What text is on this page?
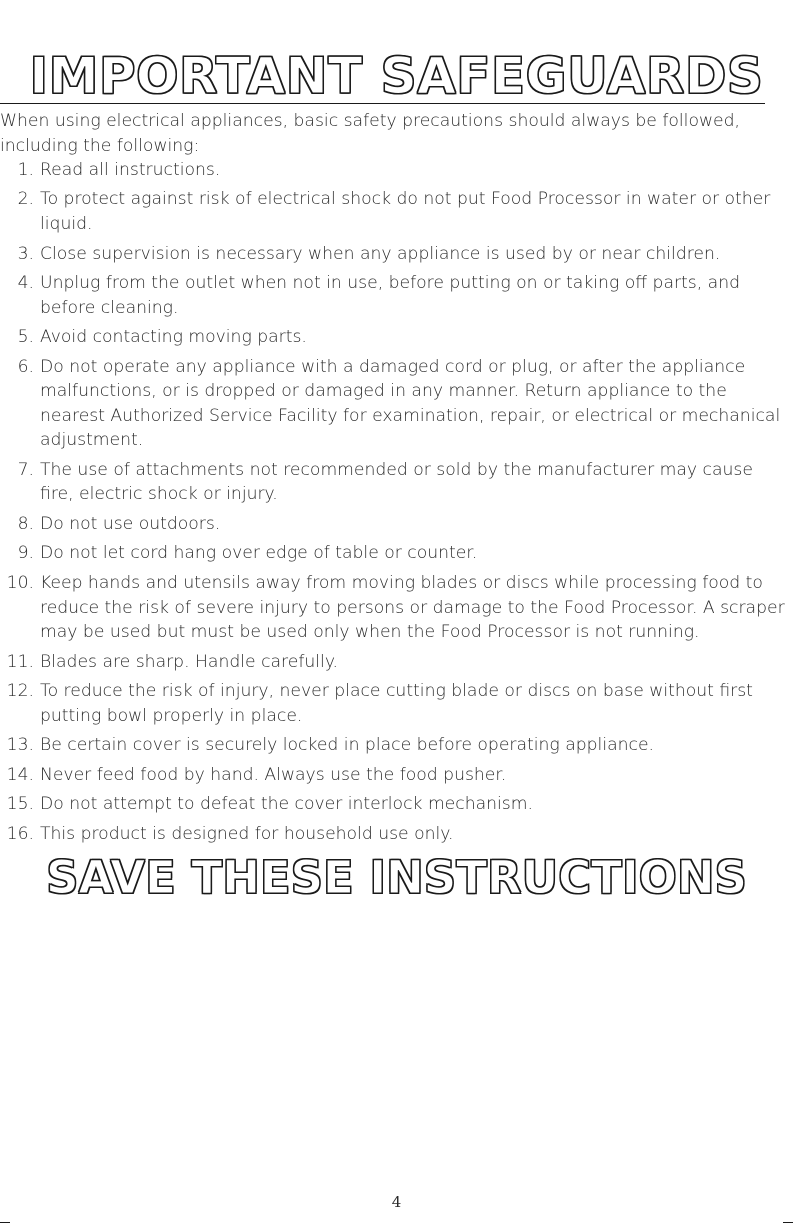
IMPORTANT SAFEGUARDS
When using electrical appliances, basic safety precautions should always be followed, including the following:
1. Read all instructions.
2. To protect against risk of electrical shock do not put Food Processor in water or other liquid.
3. Close supervision is necessary when any appliance is used by or near children.
4. Unplug from the outlet when not in use, before putting on or taking off parts, and before cleaning.
5. Avoid contacting moving parts.
6. Do not operate any appliance with a damaged cord or plug, or after the appliance malfunctions, or is dropped or damaged in any manner. Return appliance to the nearest Authorized Service Facility for examination, repair, or electrical or mechanical adjustment.
7. The use of attachments not recommended or sold by the manufacturer may cause fire, electric shock or injury.
8. Do not use outdoors.
9. Do not let cord hang over edge of table or counter.
10. Keep hands and utensils away from moving blades or discs while processing food to reduce the risk of severe injury to persons or damage to the Food Processor. A scraper may be used but must be used only when the Food Processor is not running.
11. Blades are sharp. Handle carefully.
12. To reduce the risk of injury, never place cutting blade or discs on base without first putting bowl properly in place.
13. Be certain cover is securely locked in place before operating appliance.
14. Never feed food by hand. Always use the food pusher.
15. Do not attempt to defeat the cover interlock mechanism.
16. This product is designed for household use only.
SAVE THESE INSTRUCTIONS
4
